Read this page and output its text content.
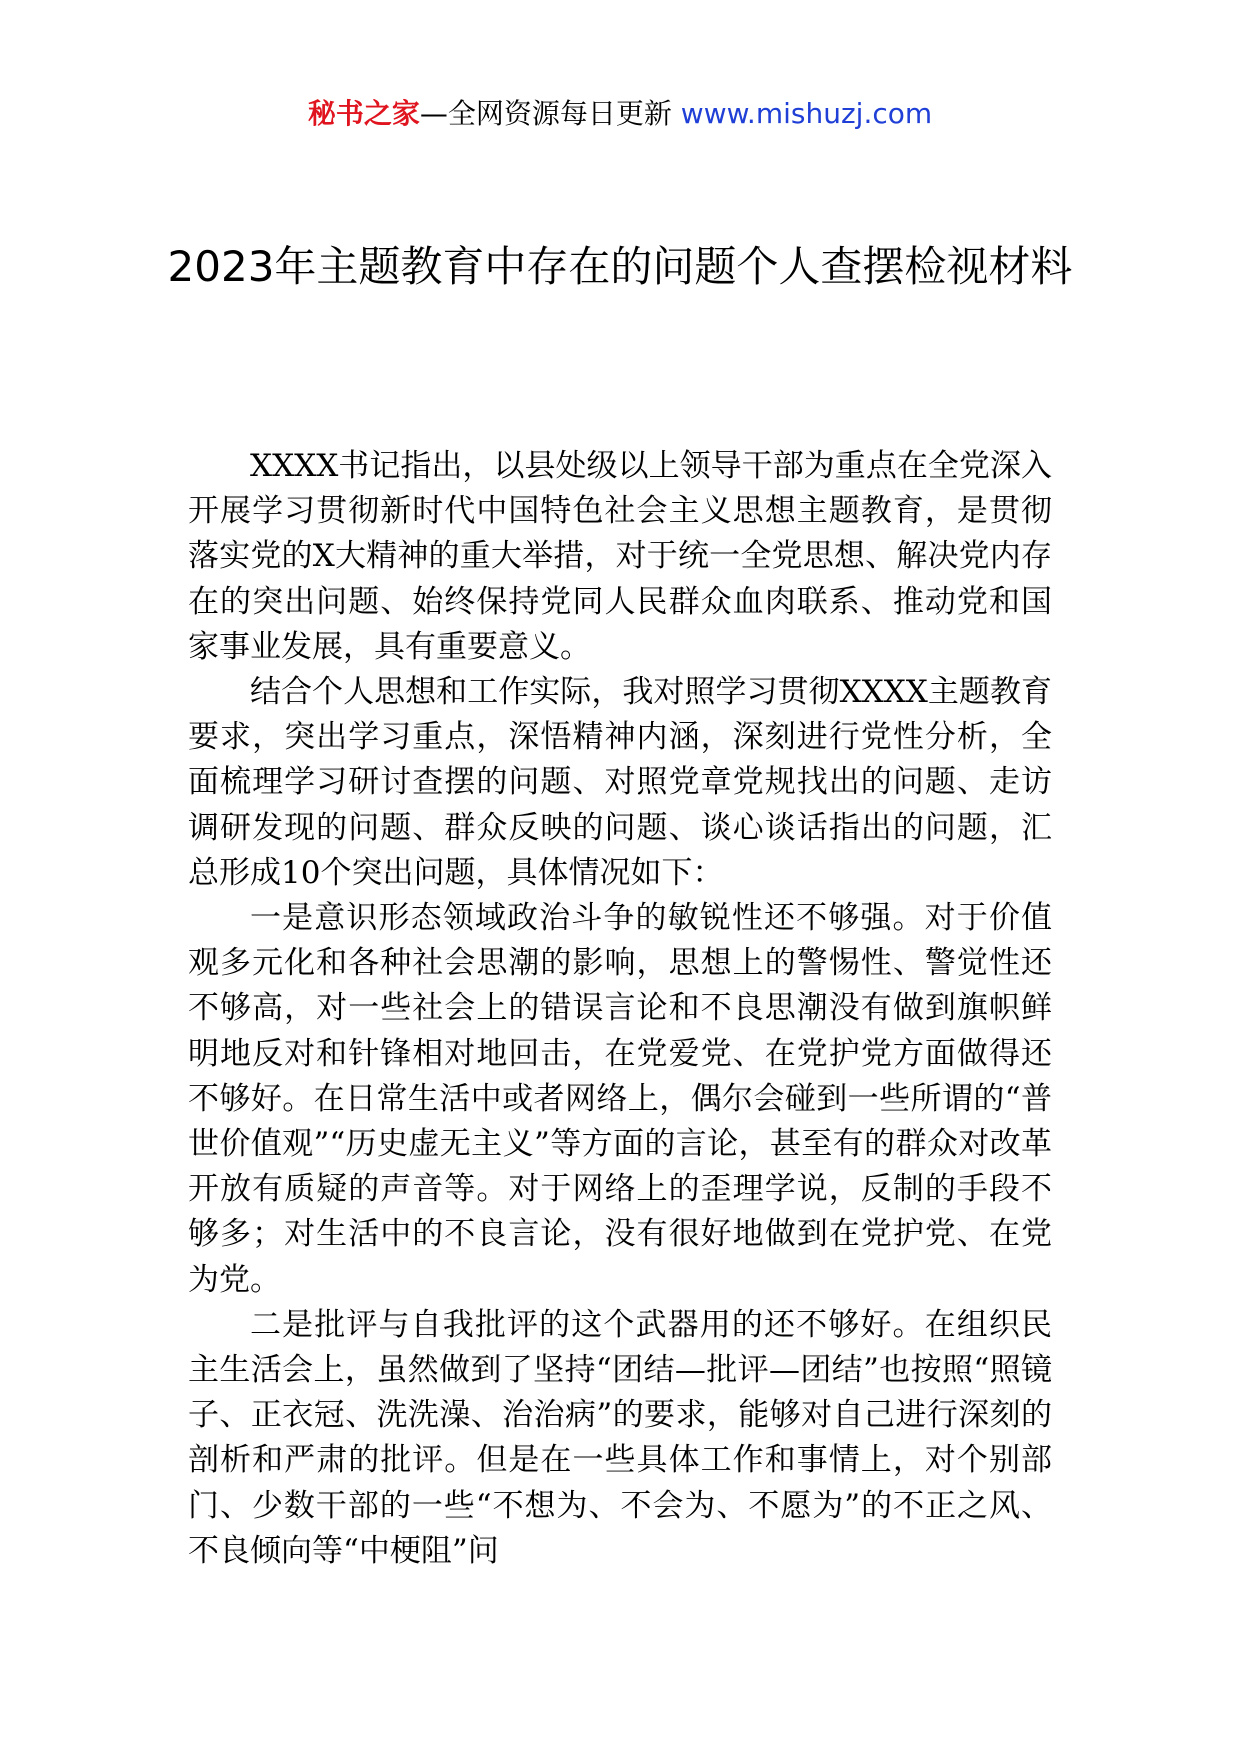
秘书之家—全网资源每日更新 www.mishuzj.com
2023年主题教育中存在的问题个人查摆检视材料

XXXX书记指出，以县处级以上领导干部为重点在全党深入开展学习贯彻新时代中国特色社会主义思想主题教育，是贯彻落实党的X大精神的重大举措，对于统一全党思想、解决党内存在的突出问题、始终保持党同人民群众血肉联系、推动党和国家事业发展，具有重要意义。

结合个人思想和工作实际，我对照学习贯彻XXXX主题教育要求，突出学习重点，深悟精神内涵，深刻进行党性分析，全面梳理学习研讨查摆的问题、对照党章党规找出的问题、走访调研发现的问题、群众反映的问题、谈心谈话指出的问题，汇总形成10个突出问题，具体情况如下：

一是意识形态领域政治斗争的敏锐性还不够强。对于价值观多元化和各种社会思潮的影响，思想上的警惕性、警觉性还不够高，对一些社会上的错误言论和不良思潮没有做到旗帜鲜明地反对和针锋相对地回击，在党爱党、在党护党方面做得还不够好。在日常生活中或者网络上，偶尔会碰到一些所谓的“普世价值观”“历史虚无主义”等方面的言论，甚至有的群众对改革开放有质疑的声音等。对于网络上的歪理学说，反制的手段不够多；对生活中的不良言论，没有很好地做到在党护党、在党为党。

二是批评与自我批评的这个武器用的还不够好。在组织民主生活会上，虽然做到了坚持“团结—批评—团结”也按照“照镜子、正衣冠、洗洗澡、治治病”的要求，能够对自己进行深刻的剖析和严肃的批评。但是在一些具体工作和事情上，对个别部门、少数干部的一些“不想为、不会为、不愿为”的不正之风、不良倾向等“中梗阻”问
